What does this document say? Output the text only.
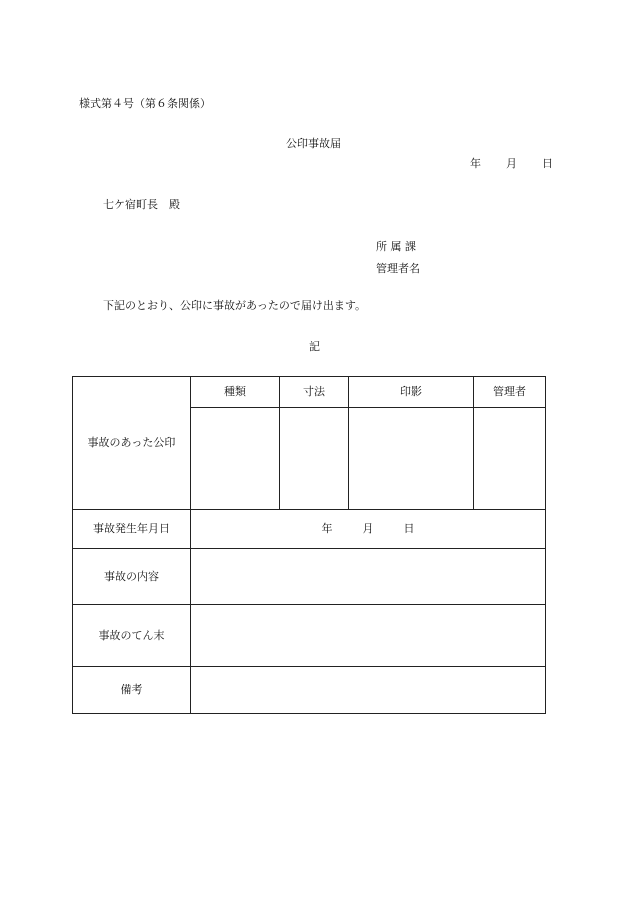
様式第４号（第６条関係）
公印事故届
年 月 日
七ケ宿町長　殿
所 属 課
管理者名
下記のとおり、公印に事故があったので届け出ます。
記
事故のあった公印	種類	寸法	印影	管理者

事故発生年月日	年 月 日			
事故の内容				
事故のてん末				
備考				
